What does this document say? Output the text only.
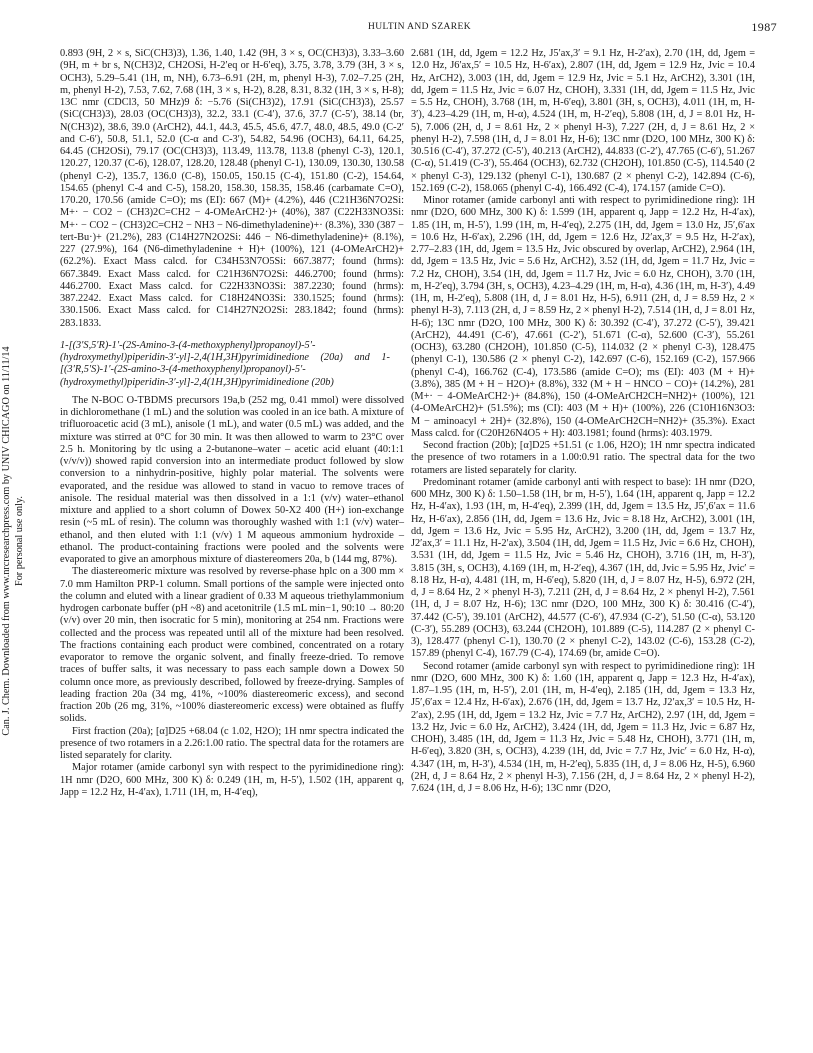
HULTIN AND SZAREK	1987
Can. J. Chem. Downloaded from www.nrcresearchpress.com by UNIV CHICAGO on 11/11/14 For personal use only.

0.893 (9H, 2 × s, SiC(CH3)3), 1.36, 1.40, 1.42 (9H, 3 × s, OC(CH3)3), 3.33–3.60 (9H, m + br s, N(CH3)2, CH2OSi, H-2′eq or H-6′eq), 3.75, 3.78, 3.79 (3H, 3 × s, OCH3), 5.29–5.41 (1H, m, NH), 6.73–6.91 (2H, m, phenyl H-3), 7.02–7.25 (2H, m, phenyl H-2), 7.53, 7.62, 7.68 (1H, 3 × s, H-2), 8.28, 8.31, 8.32 (1H, 3 × s, H-8); 13C nmr (CDCl3, 50 MHz)9 δ: −5.76 (Si(CH3)2), 17.91 (SiC(CH3)3), 25.57 (SiC(CH3)3), 28.03 (OC(CH3)3), 32.2, 33.1 (C-4′), 37.6, 37.7 (C-5′), 38.14 (br, N(CH3)2), 38.6, 39.0 (ArCH2), 44.1, 44.3, 45.5, 45.6, 47.7, 48.0, 48.5, 49.0 (C-2′ and C-6′), 50.8, 51.1, 52.0 (C-α and C-3′), 54.82, 54.96 (OCH3), 64.11, 64.25, 64.45 (CH2OSi), 79.17 (OC(CH3)3), 113.49, 113.78, 113.8 (phenyl C-3), 120.1, 120.27, 120.37 (C-6), 128.07, 128.20, 128.48 (phenyl C-1), 130.09, 130.30, 130.58 (phenyl C-2), 135.7, 136.0 (C-8), 150.05, 150.15 (C-4), 151.80 (C-2), 154.64, 154.65 (phenyl C-4 and C-5), 158.20, 158.30, 158.35, 158.46 (carbamate C=O), 170.20, 170.56 (amide C=O); ms (EI): 667 (M)+ (4.2%), 446 (C21H36N7O2Si: M+· − CO2 − (CH3)2C=CH2 − 4-OMeArCH2·)+ (40%), 387 (C22H33NO3Si: M+· − CO2 − (CH3)2C=CH2 − NH3 − N6-dimethyladenine)+· (8.3%), 330 (387 − tert-Bu·)+ (21.2%), 283 (C14H27N2O2Si: 446 − N6-dimethyladenine)+ (8.1%), 227 (27.9%), 164 (N6-dimethyladenine + H)+ (100%), 121 (4-OMeArCH2)+ (62.2%). Exact Mass calcd. for C34H53N7O5Si: 667.3877; found (hrms): 667.3849. Exact Mass calcd. for C21H36N7O2Si: 446.2700; found (hrms): 446.2700. Exact Mass calcd. for C22H33NO3Si: 387.2230; found (hrms): 387.2242. Exact Mass calcd. for C18H24NO3Si: 330.1525; found (hrms): 330.1506. Exact Mass calcd. for C14H27N2O2Si: 283.1842; found (hrms): 283.1833.

1-[(3′S,5′R)-1′-(2S-Amino-3-(4-methoxyphenyl)propanoyl)-5′-(hydroxymethyl)piperidin-3′-yl]-2,4(1H,3H)pyrimidinedione (20a) and 1-[(3′R,5′S)-1′-(2S-amino-3-(4-methoxyphenyl)propanoyl)-5′-(hydroxymethyl)piperidin-3′-yl]-2,4(1H,3H)pyrimidinedione (20b)

The N-BOC O-TBDMS precursors 19a,b (252 mg, 0.41 mmol) were dissolved in dichloromethane (1 mL) and the solution was cooled in an ice bath. A mixture of trifluoroacetic acid (3 mL), anisole (1 mL), and water (0.5 mL) was added, and the mixture was stirred at 0°C for 30 min. It was then allowed to warm to 23°C over 2.5 h. Monitoring by tlc using a 2-butanone–water – acetic acid eluant (40:1:1 (v/v/v)) showed rapid conversion into an intermediate product followed by slow conversion to a ninhydrin-positive, highly polar material. The solvents were evaporated, and the residue was allowed to stand in vacuo to remove traces of anisole. The residual material was then dissolved in a 1:1 (v/v) water–ethanol mixture and applied to a short column of Dowex 50-X2 400 (H+) ion-exchange resin (~5 mL of resin). The column was thoroughly washed with 1:1 (v/v) water–ethanol, and then eluted with 1:1 (v/v) 1 M aqueous ammonium hydroxide – ethanol. The product-containing fractions were pooled and the solvents were evaporated to give an amorphous mixture of diastereomers 20a, b (144 mg, 87%).

The diastereomeric mixture was resolved by reverse-phase hplc on a 300 mm × 7.0 mm Hamilton PRP-1 column. Small portions of the sample were injected onto the column and eluted with a linear gradient of 0.33 M aqueous triethylammonium hydrogen carbonate buffer (pH ~8) and acetonitrile (1.5 mL min−1, 90:10 → 80:20 (v/v) over 20 min, then isocratic for 5 min), monitoring at 254 nm. Fractions were collected and the process was repeated until all of the mixture had been resolved. The fractions containing each product were combined, concentrated on a rotary evaporator to remove the organic solvent, and finally freeze-dried. To remove traces of buffer salts, it was necessary to pass each sample down a Dowex 50 column once more, as previously described, followed by freeze-drying. Samples of leading fraction 20a (34 mg, 41%, ~100% diastereomeric excess), and second fraction 20b (26 mg, 31%, ~100% diastereomeric excess) were obtained as fluffy solids.

First fraction (20a); [α]D25 +68.04 (c 1.02, H2O); 1H nmr spectra indicated the presence of two rotamers in a 2.26:1.00 ratio. The spectral data for the rotamers are listed separately for clarity.

Major rotamer (amide carbonyl syn with respect to the pyrimidinedione ring): 1H nmr (D2O, 600 MHz, 300 K) δ: 0.249 (1H, m, H-5′), 1.502 (1H, apparent q, Japp = 12.2 Hz, H-4′ax), 1.711 (1H, m, H-4′eq),

2.681 (1H, dd, Jgem = 12.2 Hz, J5′ax,3′ = 9.1 Hz, H-2′ax), 2.70 (1H, dd, Jgem = 12.0 Hz, J6′ax,5′ = 10.5 Hz, H-6′ax), 2.807 (1H, dd, Jgem = 12.9 Hz, Jvic = 10.4 Hz, ArCH2), 3.003 (1H, dd, Jgem = 12.9 Hz, Jvic = 5.1 Hz, ArCH2), 3.301 (1H, dd, Jgem = 11.5 Hz, Jvic = 6.07 Hz, CHOH), 3.331 (1H, dd, Jgem = 11.5 Hz, Jvic = 5.5 Hz, CHOH), 3.768 (1H, m, H-6′eq), 3.801 (3H, s, OCH3), 4.011 (1H, m, H-3′), 4.23–4.29 (1H, m, H-α), 4.524 (1H, m, H-2′eq), 5.808 (1H, d, J = 8.01 Hz, H-5), 7.006 (2H, d, J = 8.61 Hz, 2 × phenyl H-3), 7.227 (2H, d, J = 8.61 Hz, 2 × phenyl H-2), 7.598 (1H, d, J = 8.01 Hz, H-6); 13C nmr (D2O, 100 MHz, 300 K) δ: 30.516 (C-4′), 37.272 (C-5′), 40.213 (ArCH2), 44.833 (C-2′), 47.765 (C-6′), 51.267 (C-α), 51.419 (C-3′), 55.464 (OCH3), 62.732 (CH2OH), 101.850 (C-5), 114.540 (2 × phenyl C-3), 129.132 (phenyl C-1), 130.687 (2 × phenyl C-2), 142.894 (C-6), 152.169 (C-2), 158.065 (phenyl C-4), 166.492 (C-4), 174.157 (amide C=O).

Minor rotamer (amide carbonyl anti with respect to pyrimidinedione ring): 1H nmr (D2O, 600 MHz, 300 K) δ: 1.599 (1H, apparent q, Japp = 12.2 Hz, H-4′ax), 1.85 (1H, m, H-5′), 1.99 (1H, m, H-4′eq), 2.275 (1H, dd, Jgem = 13.0 Hz, J5′,6′ax = 10.6 Hz, H-6′ax), 2.296 (1H, dd, Jgem = 12.6 Hz, J2′ax,3′ = 9.5 Hz, H-2′ax), 2.77–2.83 (1H, dd, Jgem = 13.5 Hz, Jvic obscured by overlap, ArCH2), 2.964 (1H, dd, Jgem = 13.5 Hz, Jvic = 5.6 Hz, ArCH2), 3.52 (1H, dd, Jgem = 11.7 Hz, Jvic = 7.2 Hz, CHOH), 3.54 (1H, dd, Jgem = 11.7 Hz, Jvic = 6.0 Hz, CHOH), 3.70 (1H, m, H-2′eq), 3.794 (3H, s, OCH3), 4.23–4.29 (1H, m, H-α), 4.36 (1H, m, H-3′), 4.49 (1H, m, H-2′eq), 5.808 (1H, d, J = 8.01 Hz, H-5), 6.911 (2H, d, J = 8.59 Hz, 2 × phenyl H-3), 7.113 (2H, d, J = 8.59 Hz, 2 × phenyl H-2), 7.514 (1H, d, J = 8.01 Hz, H-6); 13C nmr (D2O, 100 MHz, 300 K) δ: 30.392 (C-4′), 37.272 (C-5′), 39.421 (ArCH2), 44.491 (C-6′), 47.661 (C-2′), 51.671 (C-α), 52.600 (C-3′), 55.261 (OCH3), 63.280 (CH2OH), 101.850 (C-5), 114.032 (2 × phenyl C-3), 128.475 (phenyl C-1), 130.586 (2 × phenyl C-2), 142.697 (C-6), 152.169 (C-2), 157.966 (phenyl C-4), 166.762 (C-4), 173.586 (amide C=O); ms (EI): 403 (M + H)+ (3.8%), 385 (M + H − H2O)+ (8.8%), 332 (M + H − HNCO − CO)+ (14.2%), 281 (M+· − 4-OMeArCH2·)+ (84.8%), 150 (4-OMeArCH2CH=NH2)+ (100%), 121 (4-OMeArCH2)+ (51.5%); ms (CI): 403 (M + H)+ (100%), 226 (C10H16N3O3: M − aminoacyl + 2H)+ (32.8%), 150 (4-OMeArCH2CH=NH2)+ (35.3%). Exact Mass calcd. for (C20H26N4O5 + H): 403.1981; found (hrms): 403.1979.

Second fraction (20b); [α]D25 +51.51 (c 1.06, H2O); 1H nmr spectra indicated the presence of two rotamers in a 1.00:0.91 ratio. The spectral data for the two rotamers are listed separately for clarity.

Predominant rotamer (amide carbonyl anti with respect to base): 1H nmr (D2O, 600 MHz, 300 K) δ: 1.50–1.58 (1H, br m, H-5′), 1.64 (1H, apparent q, Japp = 12.2 Hz, H-4′ax), 1.93 (1H, m, H-4′eq), 2.399 (1H, dd, Jgem = 13.5 Hz, J5′,6′ax = 11.6 Hz, H-6′ax), 2.856 (1H, dd, Jgem = 13.6 Hz, Jvic = 8.18 Hz, ArCH2), 3.001 (1H, dd, Jgem = 13.6 Hz, Jvic = 5.95 Hz, ArCH2), 3.200 (1H, dd, Jgem = 13.7 Hz, J2′ax,3′ = 11.1 Hz, H-2′ax), 3.504 (1H, dd, Jgem = 11.5 Hz, Jvic = 6.6 Hz, CHOH), 3.531 (1H, dd, Jgem = 11.5 Hz, Jvic = 5.46 Hz, CHOH), 3.716 (1H, m, H-3′), 3.815 (3H, s, OCH3), 4.169 (1H, m, H-2′eq), 4.367 (1H, dd, Jvic = 5.95 Hz, Jvic′ = 8.18 Hz, H-α), 4.481 (1H, m, H-6′eq), 5.820 (1H, d, J = 8.07 Hz, H-5), 6.972 (2H, d, J = 8.64 Hz, 2 × phenyl H-3), 7.211 (2H, d, J = 8.64 Hz, 2 × phenyl H-2), 7.561 (1H, d, J = 8.07 Hz, H-6); 13C nmr (D2O, 100 MHz, 300 K) δ: 30.416 (C-4′), 37.442 (C-5′), 39.101 (ArCH2), 44.577 (C-6′), 47.934 (C-2′), 51.50 (C-α), 53.120 (C-3′), 55.289 (OCH3), 63.244 (CH2OH), 101.889 (C-5), 114.287 (2 × phenyl C-3), 128.477 (phenyl C-1), 130.70 (2 × phenyl C-2), 143.02 (C-6), 153.28 (C-2), 157.89 (phenyl C-4), 167.79 (C-4), 174.69 (br, amide C=O).

Second rotamer (amide carbonyl syn with respect to pyrimidinedione ring): 1H nmr (D2O, 600 MHz, 300 K) δ: 1.60 (1H, apparent q, Japp = 12.3 Hz, H-4′ax), 1.87–1.95 (1H, m, H-5′), 2.01 (1H, m, H-4′eq), 2.185 (1H, dd, Jgem = 13.3 Hz, J5′,6′ax = 12.4 Hz, H-6′ax), 2.676 (1H, dd, Jgem = 13.7 Hz, J2′ax,3′ = 10.5 Hz, H-2′ax), 2.95 (1H, dd, Jgem = 13.2 Hz, Jvic = 7.7 Hz, ArCH2), 2.97 (1H, dd, Jgem = 13.2 Hz, Jvic = 6.0 Hz, ArCH2), 3.424 (1H, dd, Jgem = 11.3 Hz, Jvic = 6.87 Hz, CHOH), 3.485 (1H, dd, Jgem = 11.3 Hz, Jvic = 5.48 Hz, CHOH), 3.771 (1H, m, H-6′eq), 3.820 (3H, s, OCH3), 4.239 (1H, dd, Jvic = 7.7 Hz, Jvic′ = 6.0 Hz, H-α), 4.347 (1H, m, H-3′), 4.534 (1H, m, H-2′eq), 5.835 (1H, d, J = 8.06 Hz, H-5), 6.960 (2H, d, J = 8.64 Hz, 2 × phenyl H-3), 7.156 (2H, d, J = 8.64 Hz, 2 × phenyl H-2), 7.624 (1H, d, J = 8.06 Hz, H-6); 13C nmr (D2O,
